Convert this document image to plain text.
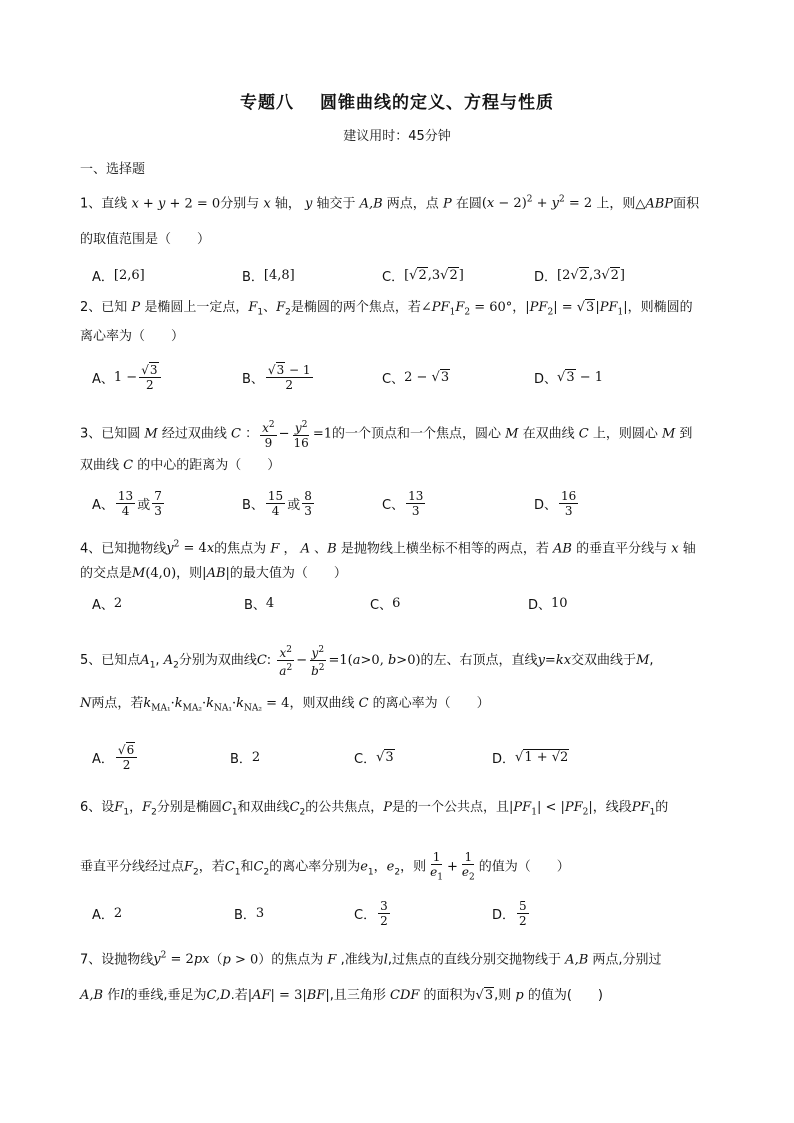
专题八 圆锥曲线的定义、方程与性质
建议用时：45分钟
一、选择题
1、直线 x + y + 2 = 0分别与 x 轴， y 轴交于 A,B 两点，点 P 在圆$(x - 2)^2 + y^2 = 2$ 上，则△ABP面积
的取值范围是（　　）
A． [2,6]	B． [4,8]	C． [√2,3√2]	D． [2√2,3√2]
2、已知 P 是椭圆上一定点，$F_1$、$F_2$是椭圆的两个焦点，若$\angle PF_1F_2 = 60^\circ$，$|PF_2| = √3|PF_1|$，则椭圆的
离心率为（　　）
A、 $1 - \frac{√3}{2}$	B、 $\frac{√3 - 1}{2}$	C、 2 − √3	D、 √3 − 1
3、已知圆 M 经过双曲线 C ： $\frac{x^2}{9} - \frac{y^2}{16} =1$的一个顶点和一个焦点，圆心 M 在双曲线 C 上，则圆心 M 到
双曲线 C 的中心的距离为（　　）
A、 $\frac{13}{4}$ 或 $\frac{7}{3}$	B、 $\frac{15}{4}$ 或 $\frac{8}{3}$	C、 $\frac{13}{3}$	D、 $\frac{16}{3}$
4、已知抛物线$y^2 = 4x$的焦点为 F ， A 、B 是抛物线上横坐标不相等的两点，若 AB 的垂直平分线与 x 轴
的交点是M(4,0)，则|AB|的最大值为（　　）
A、 2	B、 4	C、 6	D、 10
5、已知点$A_1$, $A_2$分别为双曲线C: $\frac{x^2}{a^2} - \frac{y^2}{b^2} =1(a>0$, b>0)的左、右顶点，直线y=kx交双曲线于M,
N两点，若$k_{MA_1}\cdot k_{MA_2}\cdot k_{NA_1}\cdot k_{NA_2} = 4$，则双曲线 C 的离心率为（　　）
A． $\frac{√6}{2}$	B． 2	C． √3	D． √1 + √2
6、设$F_1$，$F_2$分别是椭圆$C_1$和双曲线$C_2$的公共焦点，P是的一个公共点，且$|PF_1| < |PF_2|$，线段$PF_1$的
垂直平分线经过点$F_2$，若$C_1$和$C_2$的离心率分别为$e_1$，$e_2$，则 $\frac{1}{e_1} + \frac{1}{e_2}$ 的值为（　　）
A． 2	B． 3	C． $\frac{3}{2}$	D． $\frac{5}{2}$
7、设抛物线$y^2 = 2px(p > 0)$的焦点为 F ,准线为l,过焦点的直线分别交抛物线于 A,B 两点,分别过
A,B 作l的垂线,垂足为C,D.若|AF| = 3|BF|,且三角形 CDF 的面积为√3,则 p 的值为(　　)
